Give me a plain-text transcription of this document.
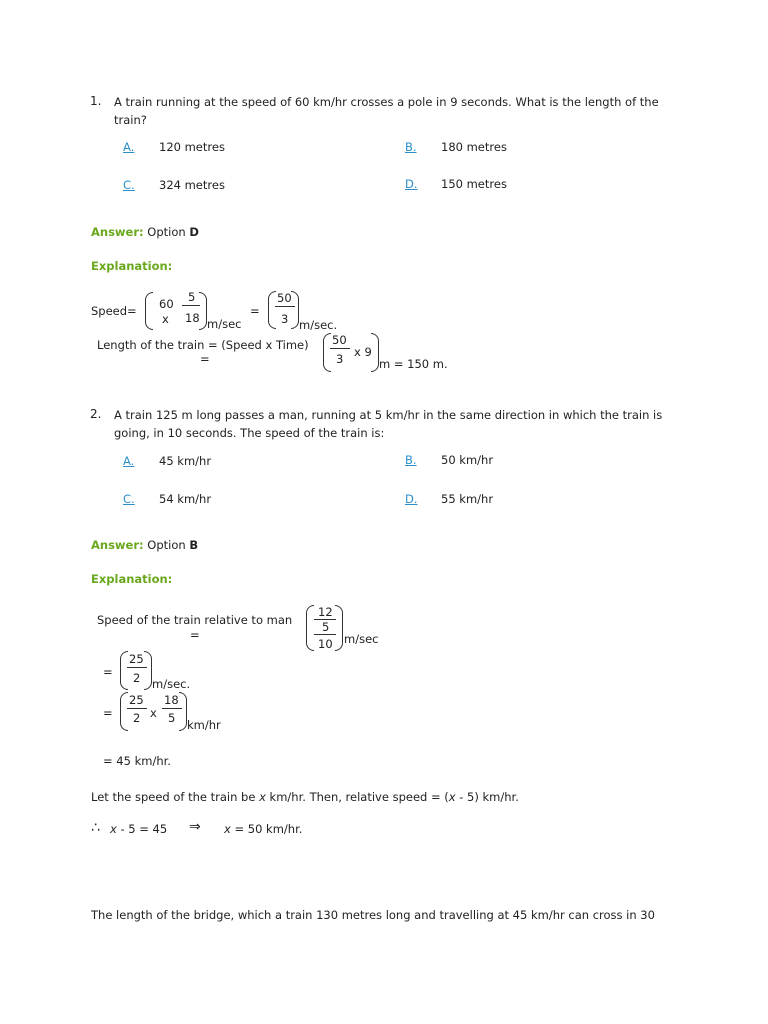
1. A train running at the speed of 60 km/hr crosses a pole in 9 seconds. What is the length of the train?
A. 120 metres	B. 180 metres
C. 324 metres	D. 150 metres
Answer: Option D
Explanation:
Speed= 60
x
5
18 m/sec
=
50
3 m/sec.
Length of the train = (Speed x Time)
=
50
3 x 9
m = 150 m.
2. A train 125 m long passes a man, running at 5 km/hr in the same direction in which the train is going, in 10 seconds. The speed of the train is:
A. 45 km/hr	B. 50 km/hr
C. 54 km/hr	D. 55 km/hr
Answer: Option B
Explanation:
Speed of the train relative to man
=
12
5
10 m/sec
=
25
2 m/sec.
=
25
2 x
18
5 km/hr
= 45 km/hr.
Let the speed of the train be x km/hr. Then, relative speed = (x - 5) km/hr.
∴ x - 5 = 45 ⇒ x = 50 km/hr.
The length of the bridge, which a train 130 metres long and travelling at 45 km/hr can cross in 30
